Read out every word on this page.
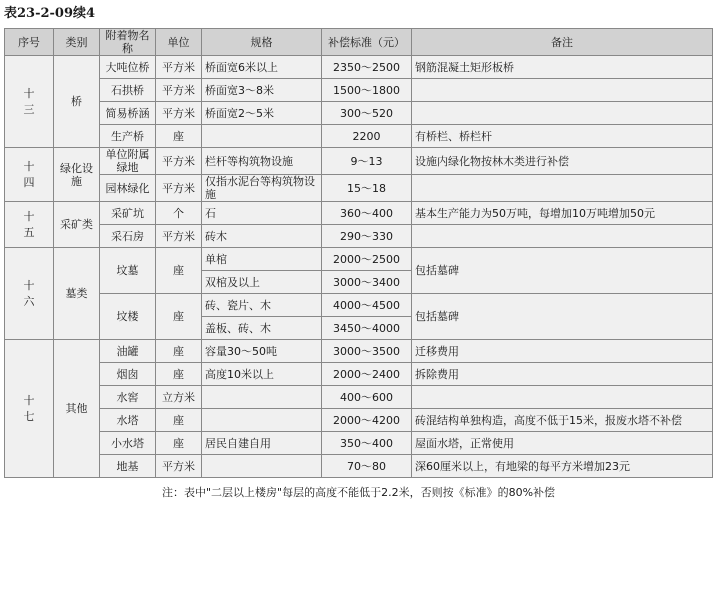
表23-2-09续4
序号	类别	附着物名称	单位	规格	补偿标准（元）	备注
十
三	桥	大吨位桥	平方米	桥面宽6米以上	2350～2500	钢筋混凝土矩形板桥
		石拱桥	平方米	桥面宽3～8米	1500～1800	
		简易桥涵	平方米	桥面宽2～5米	300～520	
		生产桥	座		2200	有桥栏、桥栏杆
十
四	绿化设施	单位附属绿地	平方米	栏杆等构筑物设施	9～13	设施内绿化物按林木类进行补偿
		园林绿化	平方米	仅指水泥台等构筑物设施	15～18	
十
五	采矿类	采矿坑	个	石	360～400	基本生产能力为50万吨，每增加10万吨增加50元
		采石房	平方米	砖木	290～330	
十
六	墓类	坟墓	座	单棺	2000～2500	包括墓碑
				双棺及以上	3000～3400	
		坟楼	座	砖、瓷片、木	4000～4500	包括墓碑
				盖板、砖、木	3450～4000	
十
七	其他	油罐	座	容量30～50吨	3000～3500	迁移费用
		烟囱	座	高度10米以上	2000～2400	拆除费用
		水窖	立方米		400～600	
		水塔	座		2000～4200	砖混结构单独构造，高度不低于15米，报废水塔不补偿
		小水塔	座	居民自建自用	350～400	屋面水塔，正常使用
		地基	平方米		70～80	深60厘米以上，有地梁的每平方米增加23元
注：表中"二层以上楼房"每层的高度不能低于2.2米，否则按《标准》的80%补偿						
